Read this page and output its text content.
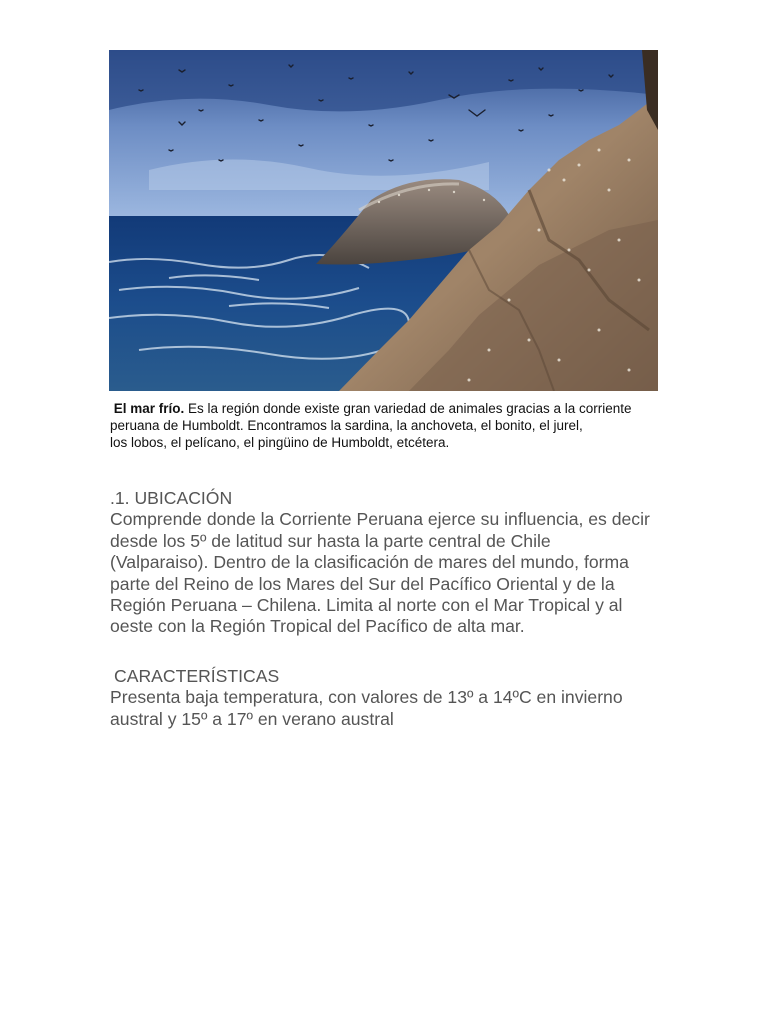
El mar frío. Es la región donde existe gran variedad de animales gracias a la corriente
peruana de Humboldt. Encontramos la sardina, la anchoveta, el bonito, el jurel,
los lobos, el pelícano, el pingüino de Humboldt, etcétera.
.1. UBICACIÓN
Comprende donde la Corriente Peruana ejerce su influencia, es decir
desde los 5º de latitud sur hasta la parte central de Chile
(Valparaiso). Dentro de la clasificación de mares del mundo, forma
parte del Reino de los Mares del Sur del Pacífico Oriental y de la
Región Peruana – Chilena. Limita al norte con el Mar Tropical y al
oeste con la Región Tropical del Pacífico de alta mar.
CARACTERÍSTICAS
Presenta baja temperatura, con valores de 13º a 14ºC en invierno
austral y 15º a 17º en verano austral
